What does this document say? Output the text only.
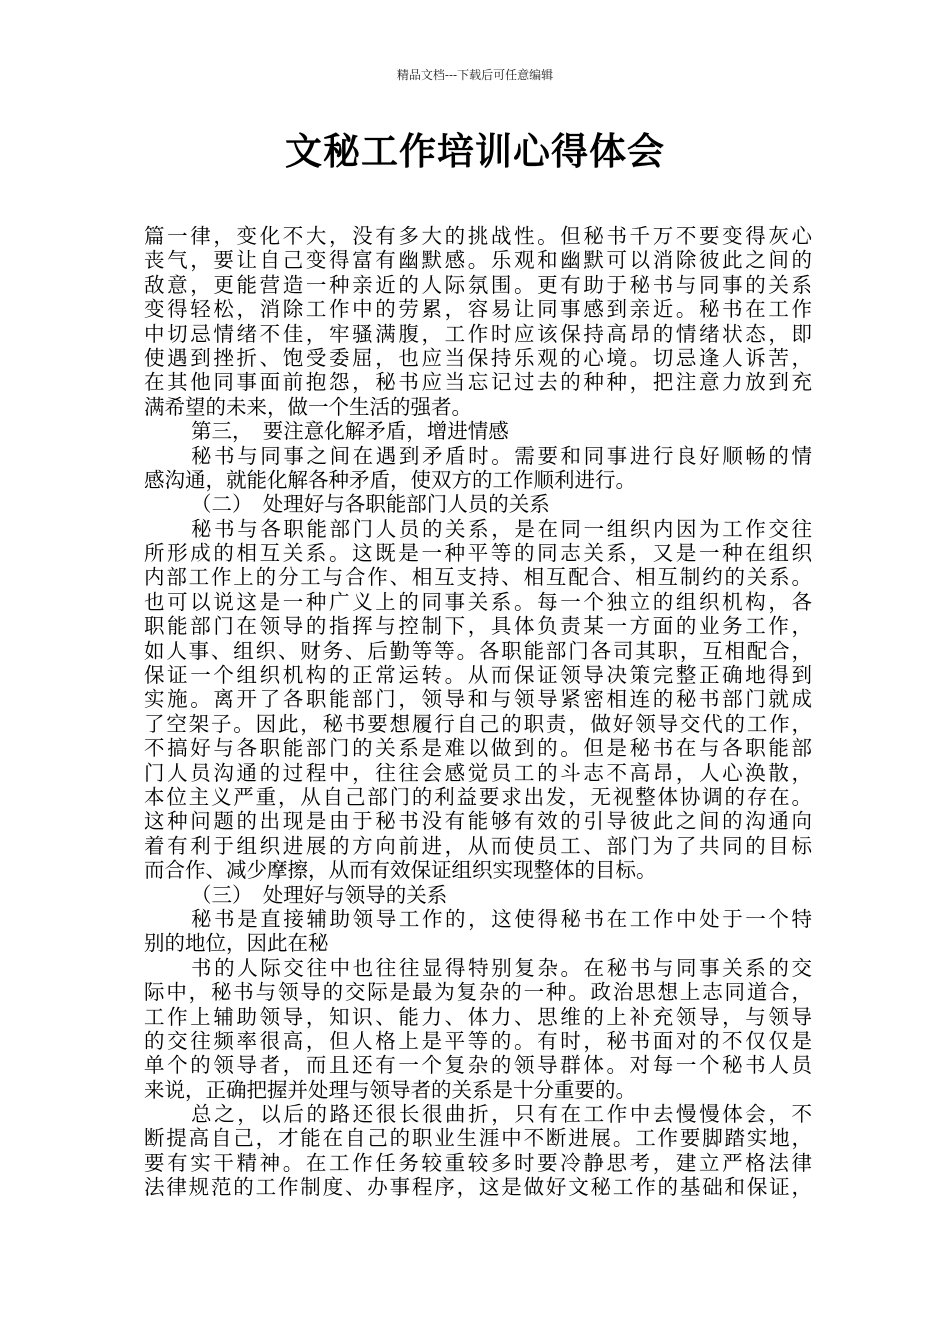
精品文档---下载后可任意编辑
文秘工作培训心得体会
篇一律，变化不大，没有多大的挑战性。但秘书千万不要变得灰心
丧气，要让自己变得富有幽默感。乐观和幽默可以消除彼此之间的
敌意，更能营造一种亲近的人际氛围。更有助于秘书与同事的关系
变得轻松，消除工作中的劳累，容易让同事感到亲近。秘书在工作
中切忌情绪不佳，牢骚满腹，工作时应该保持高昂的情绪状态，即
使遇到挫折、饱受委屈，也应当保持乐观的心境。切忌逢人诉苦，
在其他同事面前抱怨，秘书应当忘记过去的种种，把注意力放到充
满希望的未来，做一个生活的强者。
第三，　要注意化解矛盾，增进情感
秘书与同事之间在遇到矛盾时。需要和同事进行良好顺畅的情
感沟通，就能化解各种矛盾，使双方的工作顺利进行。
（二）　处理好与各职能部门人员的关系
秘书与各职能部门人员的关系，是在同一组织内因为工作交往
所形成的相互关系。这既是一种平等的同志关系，又是一种在组织
内部工作上的分工与合作、相互支持、相互配合、相互制约的关系。
也可以说这是一种广义上的同事关系。每一个独立的组织机构，各
职能部门在领导的指挥与控制下，具体负责某一方面的业务工作，
如人事、组织、财务、后勤等等。各职能部门各司其职，互相配合，
保证一个组织机构的正常运转。从而保证领导决策完整正确地得到
实施。离开了各职能部门，领导和与领导紧密相连的秘书部门就成
了空架子。因此，秘书要想履行自己的职责，做好领导交代的工作，
不搞好与各职能部门的关系是难以做到的。但是秘书在与各职能部
门人员沟通的过程中，往往会感觉员工的斗志不高昂，人心涣散，
本位主义严重，从自己部门的利益要求出发，无视整体协调的存在。
这种问题的出现是由于秘书没有能够有效的引导彼此之间的沟通向
着有利于组织进展的方向前进，从而使员工、部门为了共同的目标
而合作、减少摩擦，从而有效保证组织实现整体的目标。
（三）　处理好与领导的关系
秘书是直接辅助领导工作的，这使得秘书在工作中处于一个特
别的地位，因此在秘
书的人际交往中也往往显得特别复杂。在秘书与同事关系的交
际中，秘书与领导的交际是最为复杂的一种。政治思想上志同道合，
工作上辅助领导，知识、能力、体力、思维的上补充领导，与领导
的交往频率很高，但人格上是平等的。有时，秘书面对的不仅仅是
单个的领导者，而且还有一个复杂的领导群体。对每一个秘书人员
来说，正确把握并处理与领导者的关系是十分重要的。
总之，以后的路还很长很曲折，只有在工作中去慢慢体会，不
断提高自己，才能在自己的职业生涯中不断进展。工作要脚踏实地，
要有实干精神。在工作任务较重较多时要冷静思考，建立严格法律
法律规范的工作制度、办事程序，这是做好文秘工作的基础和保证，
